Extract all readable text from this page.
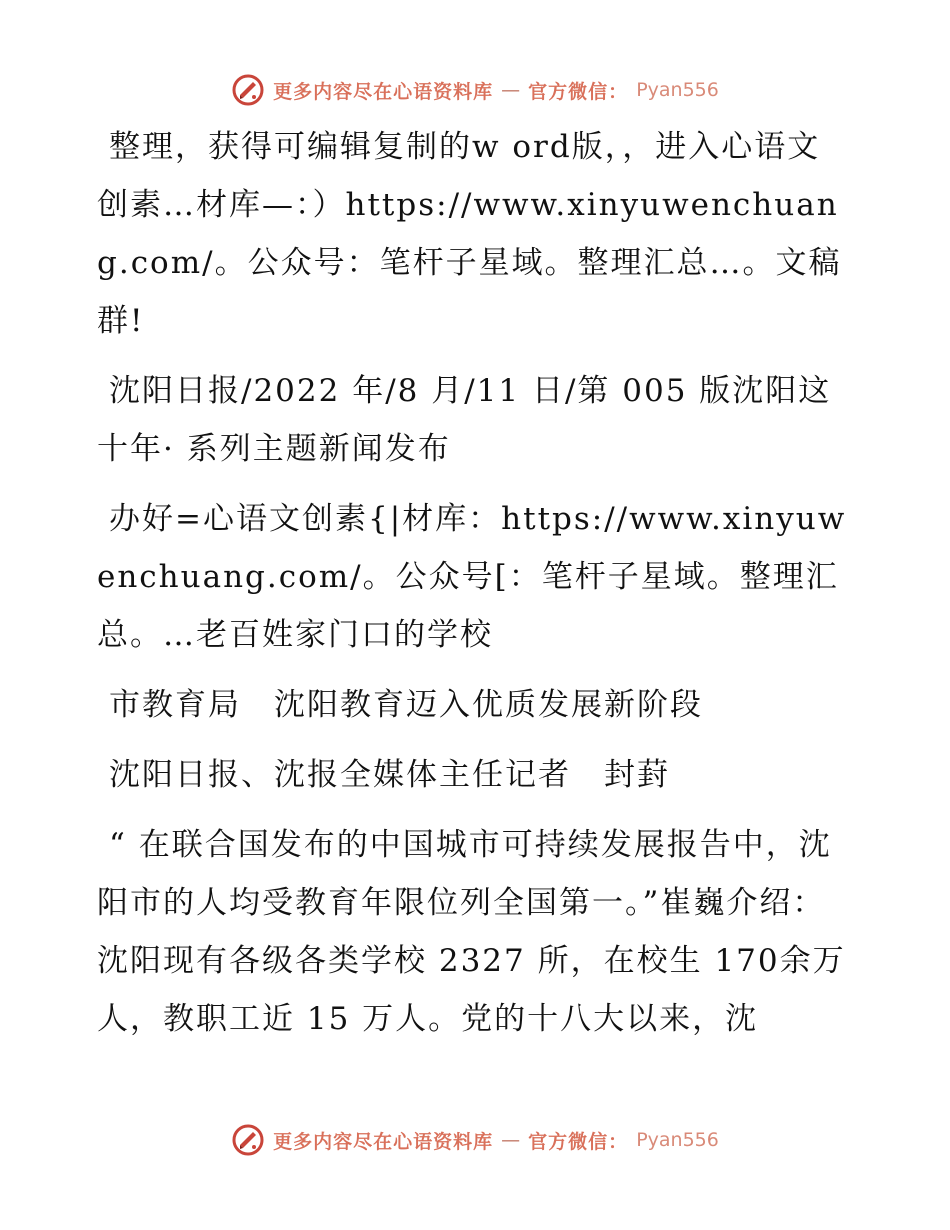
更多内容尽在心语资料库 — 官方微信： Pyan556

整理，获得可编辑复制的w ord版，，进入心语文创素…材库—：）https://www.xinyuwenchuang.com/。公众号：笔杆子星域。整理汇总…。文稿群!

沈阳日报/2022 年/8 月/11 日/第 005 版沈阳这十年· 系列主题新闻发布

办好=心语文创素{|材库：https://www.xinyuwenchuang.com/。公众号[：笔杆子星域。整理汇总。…老百姓家门口的学校

市教育局　沈阳教育迈入优质发展新阶段

沈阳日报、沈报全媒体主任记者　封葑

“ 在联合国发布的中国城市可持续发展报告中，沈阳市的人均受教育年限位列全国第一。”崔巍介绍：沈阳现有各级各类学校 2327 所，在校生 170余万人，教职工近 15 万人。党的十八大以来，沈

更多内容尽在心语资料库 — 官方微信： Pyan556
